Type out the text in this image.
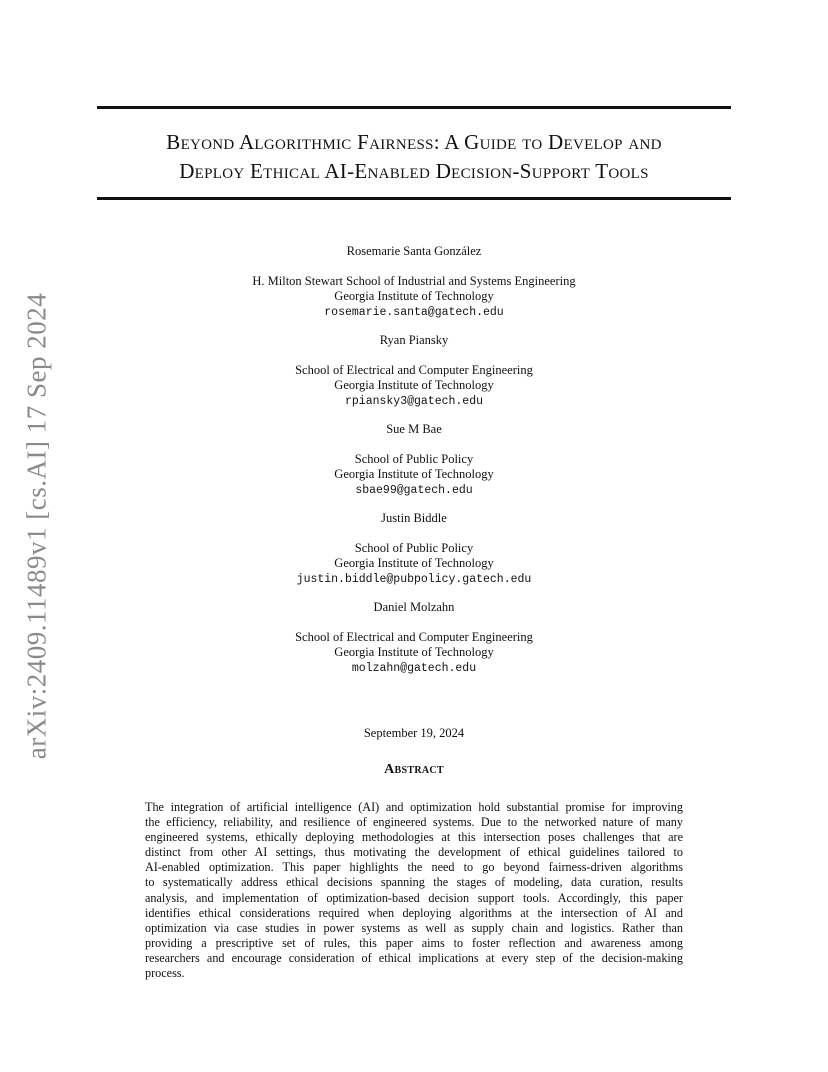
arXiv:2409.11489v1 [cs.AI] 17 Sep 2024
Beyond Algorithmic Fairness: A Guide to Develop and
Deploy Ethical AI-Enabled Decision-Support Tools
Rosemarie Santa González
H. Milton Stewart School of Industrial and Systems Engineering
Georgia Institute of Technology
rosemarie.santa@gatech.edu
Ryan Piansky
School of Electrical and Computer Engineering
Georgia Institute of Technology
rpiansky3@gatech.edu
Sue M Bae
School of Public Policy
Georgia Institute of Technology
sbae99@gatech.edu
Justin Biddle
School of Public Policy
Georgia Institute of Technology
justin.biddle@pubpolicy.gatech.edu
Daniel Molzahn
School of Electrical and Computer Engineering
Georgia Institute of Technology
molzahn@gatech.edu
September 19, 2024
Abstract
The integration of artificial intelligence (AI) and optimization hold substantial promise for improving
the efficiency, reliability, and resilience of engineered systems. Due to the networked nature of many
engineered systems, ethically deploying methodologies at this intersection poses challenges that are
distinct from other AI settings, thus motivating the development of ethical guidelines tailored to
AI-enabled optimization. This paper highlights the need to go beyond fairness-driven algorithms
to systematically address ethical decisions spanning the stages of modeling, data curation, results
analysis, and implementation of optimization-based decision support tools. Accordingly, this paper
identifies ethical considerations required when deploying algorithms at the intersection of AI and
optimization via case studies in power systems as well as supply chain and logistics. Rather than
providing a prescriptive set of rules, this paper aims to foster reflection and awareness among
researchers and encourage consideration of ethical implications at every step of the decision-making
process.
